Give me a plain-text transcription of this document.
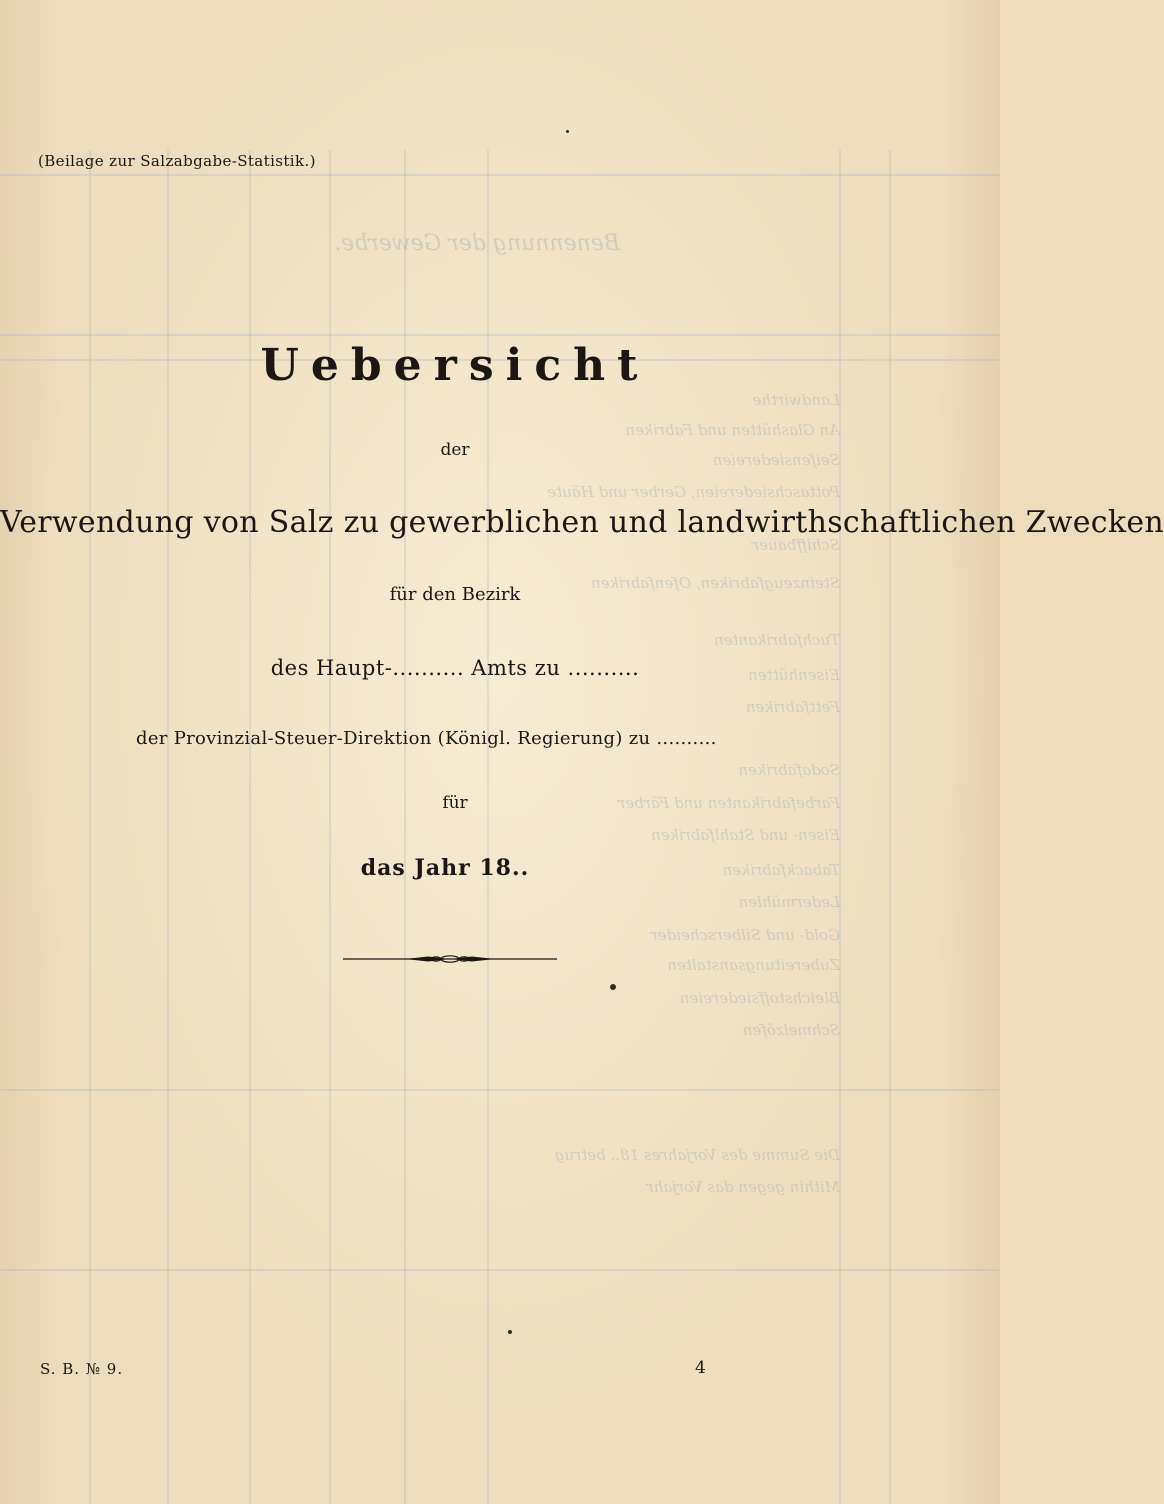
Benennung der Gewerbe.
Landwirthe
An Glashütten und Fabriken
Seifensiedereien
Pottaschsiedereien, Gerber und Häute
Schiffbauer
Steinzeugfabriken, Ofenfabriken
Tuchfabrikanten
Eisenhütten
Fettfabriken
Sodafabriken
Farbefabrikanten und Färber
Eisen- und Stahlfabriken
Tabackfabriken
Ledermühlen
Gold- und Silberscheider
Zubereitungsanstalten
Bleichstoffsiedereien
Schmelzöfen
Die Summe des Vorjahres 18.. betrug
Mithin gegen das Vorjahr
(Beilage zur Salzabgabe-Statistik.)
Uebersicht
der
Verwendung von Salz zu gewerblichen und landwirthschaftlichen Zwecken
für den Bezirk
des Haupt-.......... Amts zu ..........
der Provinzial-Steuer-Direktion (Königl. Regierung) zu ..........
für
das Jahr 18..
S. B. № 9.	4
